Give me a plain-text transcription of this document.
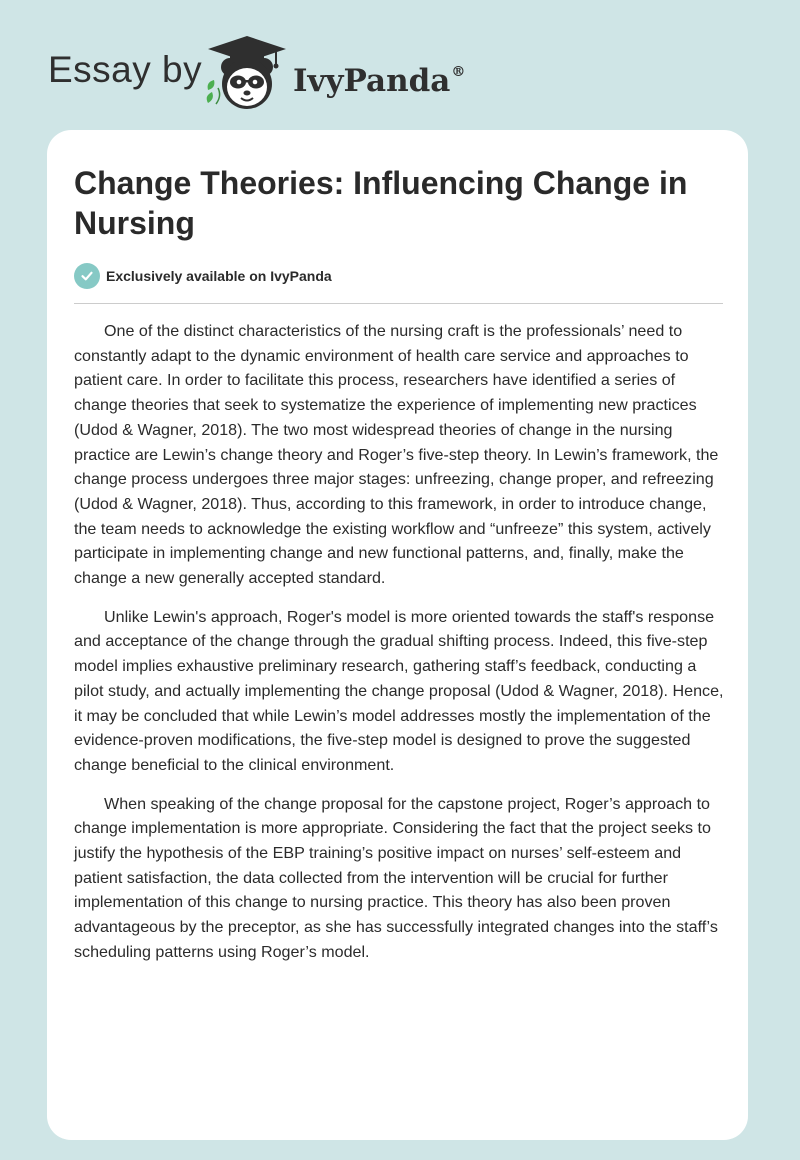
Essay by	IvyPanda®
Change Theories: Influencing Change in Nursing
Exclusively available on IvyPanda

One of the distinct characteristics of the nursing craft is the professionals’ need to constantly adapt to the dynamic environment of health care service and approaches to patient care. In order to facilitate this process, researchers have identified a series of change theories that seek to systematize the experience of implementing new practices (Udod & Wagner, 2018). The two most widespread theories of change in the nursing practice are Lewin’s change theory and Roger’s five-step theory. In Lewin’s framework, the change process undergoes three major stages: unfreezing, change proper, and refreezing (Udod & Wagner, 2018). Thus, according to this framework, in order to introduce change, the team needs to acknowledge the existing workflow and “unfreeze” this system, actively participate in implementing change and new functional patterns, and, finally, make the change a new generally accepted standard.

Unlike Lewin's approach, Roger's model is more oriented towards the staff's response and acceptance of the change through the gradual shifting process. Indeed, this five-step model implies exhaustive preliminary research, gathering staff’s feedback, conducting a pilot study, and actually implementing the change proposal (Udod & Wagner, 2018). Hence, it may be concluded that while Lewin’s model addresses mostly the implementation of the evidence-proven modifications, the five-step model is designed to prove the suggested change beneficial to the clinical environment.

When speaking of the change proposal for the capstone project, Roger’s approach to change implementation is more appropriate. Considering the fact that the project seeks to justify the hypothesis of the EBP training’s positive impact on nurses’ self-esteem and patient satisfaction, the data collected from the intervention will be crucial for further implementation of this change to nursing practice. This theory has also been proven advantageous by the preceptor, as she has successfully integrated changes into the staff’s scheduling patterns using Roger’s model.
